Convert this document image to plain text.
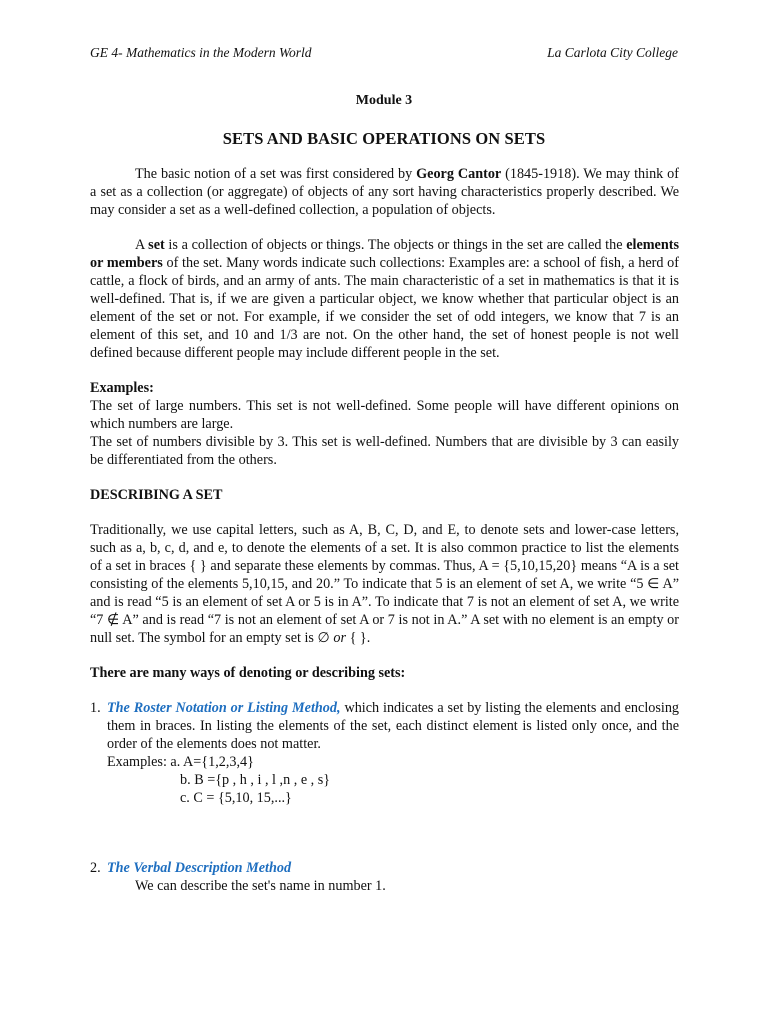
GE 4- Mathematics in the Modern World	La Carlota City College
Module 3
SETS AND BASIC OPERATIONS ON SETS

The basic notion of a set was first considered by Georg Cantor (1845-1918). We may think of a set as a collection (or aggregate) of objects of any sort having characteristics properly described. We may consider a set as a well-defined collection, a population of objects.

A set is a collection of objects or things. The objects or things in the set are called the elements or members of the set. Many words indicate such collections: Examples are: a school of fish, a herd of cattle, a flock of birds, and an army of ants. The main characteristic of a set in mathematics is that it is well-defined. That is, if we are given a particular object, we know whether that particular object is an element of the set or not. For example, if we consider the set of odd integers, we know that 7 is an element of this set, and 10 and 1/3 are not. On the other hand, the set of honest people is not well defined because different people may include different people in the set.

Examples:

The set of large numbers. This set is not well-defined. Some people will have different opinions on which numbers are large.

The set of numbers divisible by 3. This set is well-defined. Numbers that are divisible by 3 can easily be differentiated from the others.

DESCRIBING A SET

Traditionally, we use capital letters, such as A, B, C, D, and E, to denote sets and lower-case letters, such as a, b, c, d, and e, to denote the elements of a set. It is also common practice to list the elements of a set in braces { } and separate these elements by commas. Thus, A = {5,10,15,20} means “A is a set consisting of the elements 5,10,15, and 20.” To indicate that 5 is an element of set A, we write “5 ∈ A” and is read “5 is an element of set A or 5 is in A”. To indicate that 7 is not an element of set A, we write “7 ∉ A” and is read “7 is not an element of set A or 7 is not in A.” A set with no element is an empty or null set. The symbol for an empty set is ∅ or { }.

There are many ways of denoting or describing sets:

1. The Roster Notation or Listing Method, which indicates a set by listing the elements and enclosing them in braces. In listing the elements of the set, each distinct element is listed only once, and the order of the elements does not matter.
Examples: a. A={1,2,3,4}
b. B ={p , h , i , l ,n , e , s}
c. C = {5,10, 15,...}
2. The Verbal Description Method
We can describe the set's name in number 1.
